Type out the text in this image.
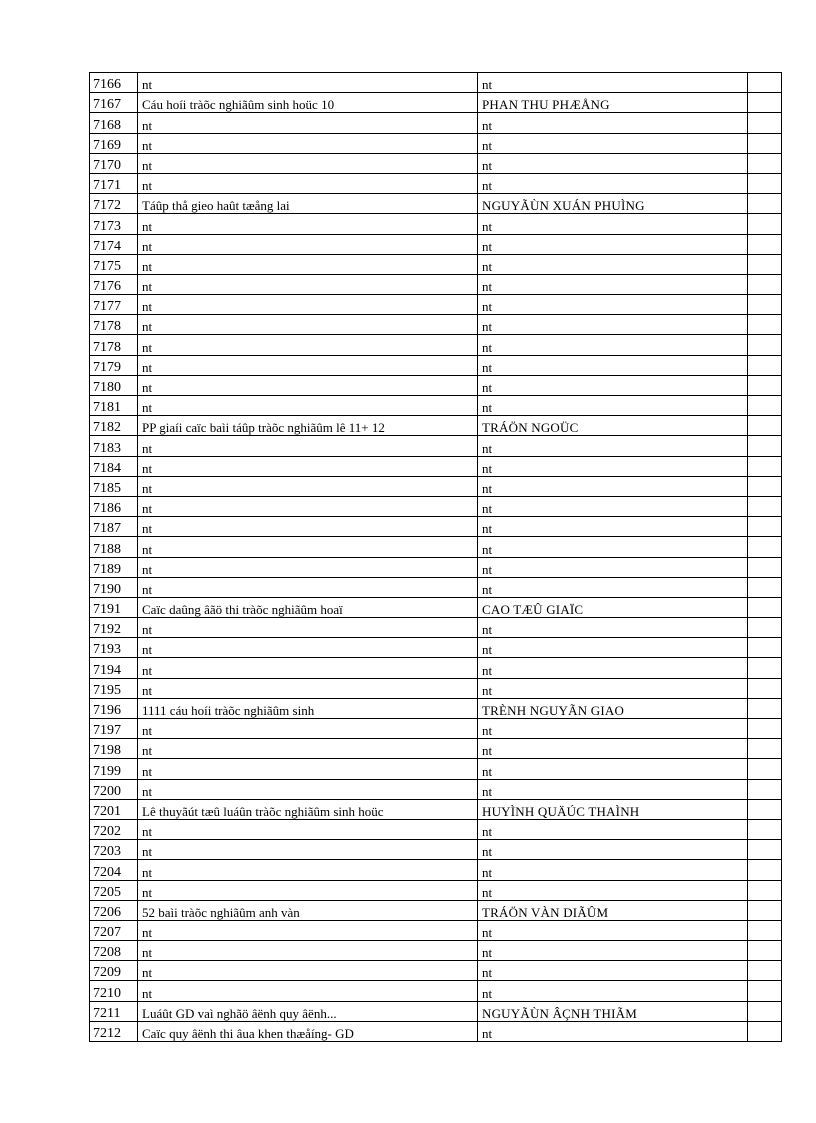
7166	nt	nt	
7167	Cáu hoíi tràõc nghiãûm sinh hoüc 10	PHAN THU PHÆÅNG	
7168	nt	nt	
7169	nt	nt	
7170	nt	nt	
7171	nt	nt	
7172	Táûp thå gieo haût tæång lai	NGUYÃÙN XUÁN PHUÌNG	
7173	nt	nt	
7174	nt	nt	
7175	nt	nt	
7176	nt	nt	
7177	nt	nt	
7178	nt	nt	
7178	nt	nt	
7179	nt	nt	
7180	nt	nt	
7181	nt	nt	
7182	PP giaíi caïc baìi táûp tràõc nghiãûm lê 11+ 12	TRÁÖN NGOÜC	
7183	nt	nt	
7184	nt	nt	
7185	nt	nt	
7186	nt	nt	
7187	nt	nt	
7188	nt	nt	
7189	nt	nt	
7190	nt	nt	
7191	Caïc daûng âãö thi tràõc nghiãûm hoaï	CAO TÆÛ GIAÏC	
7192	nt	nt	
7193	nt	nt	
7194	nt	nt	
7195	nt	nt	
7196	1111 cáu hoíi tràõc nghiãûm sinh	TRÈNH NGUYÃN GIAO	
7197	nt	nt	
7198	nt	nt	
7199	nt	nt	
7200	nt	nt	
7201	Lê thuyãút tæû luáûn tràõc nghiãûm sinh hoüc	HUYÌNH QUÄÚC THAÌNH	
7202	nt	nt	
7203	nt	nt	
7204	nt	nt	
7205	nt	nt	
7206	52 baìi tràõc nghiãûm anh vàn	TRÁÖN VÀN DIÃÛM	
7207	nt	nt	
7208	nt	nt	
7209	nt	nt	
7210	nt	nt	
7211	Luáût GD vaì nghãö âënh quy âënh...	NGUYÃÙN ÂÇNH THIÃM	
7212	Caïc quy âënh thi âua khen thæåíng- GD	nt	
